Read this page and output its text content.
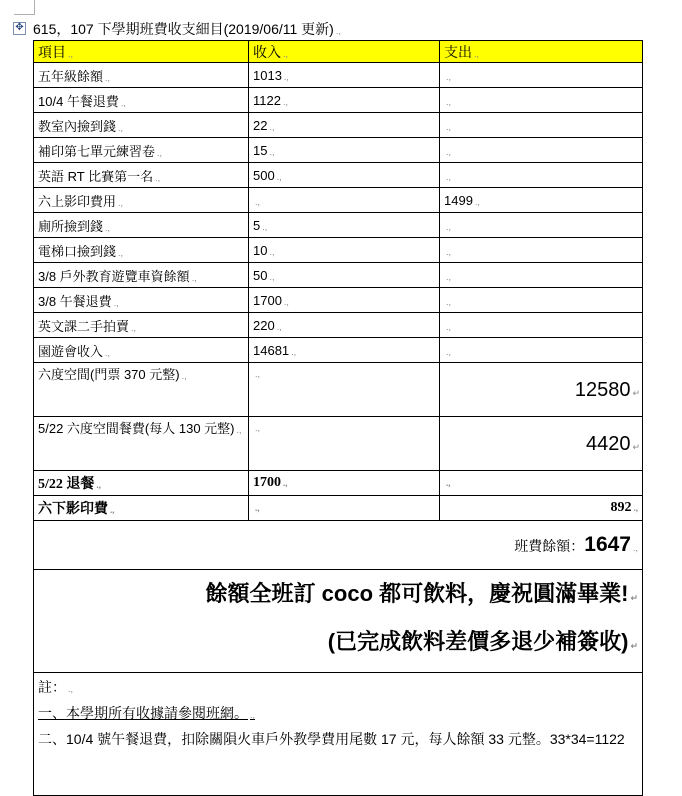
✥ 615，107 下學期班費收支細目(2019/06/11 更新) .,
項目 .,	收入 .,	支出 .,
五年級餘額 .,	1013 .,	.,
10/4 午餐退費 .,	1122 .,	.,
教室內撿到錢 .,	22 .,	.,
補印第七單元練習卷 .,	15 .,	.,
英語 RT 比賽第一名 .,	500 .,	.,
六上影印費用 .,	.,	1499 .,
廁所撿到錢 .,	5 .,	.,
電梯口撿到錢 .,	10 .,	.,
3/8 戶外教育遊覽車資餘額 .,	50 .,	.,
3/8 午餐退費 .,	1700 .,	.,
英文課二手拍賣 .,	220 .,	.,
園遊會收入 .,	14681 .,	.,
六度空間(門票 370 元整) .,	.,	12580 ↵
5/22 六度空間餐費(每人 130 元整) .,	.,	4420 ↵
5/22 退餐 .,	1700 .,	.,
六下影印費 .,	.,	892 .,
班費餘額：1647 .,		

餘額全班訂 coco 都可飲料，慶祝圓滿畢業! ↵
(已完成飲料差價多退少補簽收) ↵		

註： .,
一、本學期所有收據請參閱班網。 .,
二、10/4 號午餐退費，扣除關隕火車戶外教學費用尾數 17 元，每人餘額 33 元整。33*34=1122		
